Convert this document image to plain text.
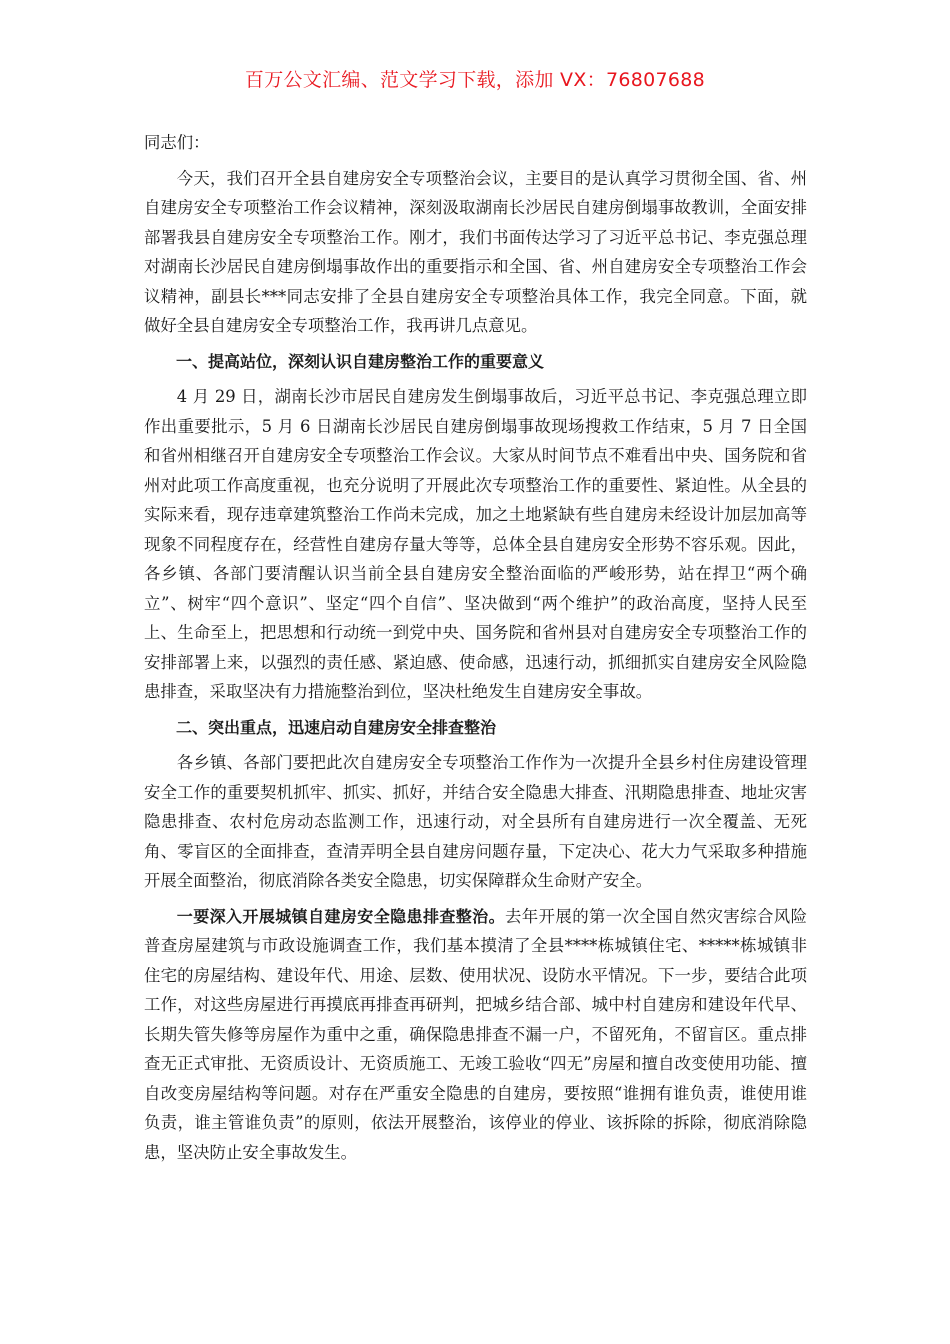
百万公文汇编、范文学习下载，添加 VX：76807688

同志们：

今天，我们召开全县自建房安全专项整治会议，主要目的是认真学习贯彻全国、省、州自建房安全专项整治工作会议精神，深刻汲取湖南长沙居民自建房倒塌事故教训，全面安排部署我县自建房安全专项整治工作。刚才，我们书面传达学习了习近平总书记、李克强总理对湖南长沙居民自建房倒塌事故作出的重要指示和全国、省、州自建房安全专项整治工作会议精神，副县长***同志安排了全县自建房安全专项整治具体工作，我完全同意。下面，就做好全县自建房安全专项整治工作，我再讲几点意见。

一、提高站位，深刻认识自建房整治工作的重要意义

4 月 29 日，湖南长沙市居民自建房发生倒塌事故后，习近平总书记、李克强总理立即作出重要批示，5 月 6 日湖南长沙居民自建房倒塌事故现场搜救工作结束，5 月 7 日全国和省州相继召开自建房安全专项整治工作会议。大家从时间节点不难看出中央、国务院和省州对此项工作高度重视，也充分说明了开展此次专项整治工作的重要性、紧迫性。从全县的实际来看，现存违章建筑整治工作尚未完成，加之土地紧缺有些自建房未经设计加层加高等现象不同程度存在，经营性自建房存量大等等，总体全县自建房安全形势不容乐观。因此，各乡镇、各部门要清醒认识当前全县自建房安全整治面临的严峻形势，站在捍卫“两个确立”、树牢“四个意识”、坚定“四个自信”、坚决做到“两个维护”的政治高度，坚持人民至上、生命至上，把思想和行动统一到党中央、国务院和省州县对自建房安全专项整治工作的安排部署上来，以强烈的责任感、紧迫感、使命感，迅速行动，抓细抓实自建房安全风险隐患排查，采取坚决有力措施整治到位，坚决杜绝发生自建房安全事故。

二、突出重点，迅速启动自建房安全排查整治

各乡镇、各部门要把此次自建房安全专项整治工作作为一次提升全县乡村住房建设管理安全工作的重要契机抓牢、抓实、抓好，并结合安全隐患大排查、汛期隐患排查、地址灾害隐患排查、农村危房动态监测工作，迅速行动，对全县所有自建房进行一次全覆盖、无死角、零盲区的全面排查，查清弄明全县自建房问题存量，下定决心、花大力气采取多种措施开展全面整治，彻底消除各类安全隐患，切实保障群众生命财产安全。

一要深入开展城镇自建房安全隐患排查整治。去年开展的第一次全国自然灾害综合风险普查房屋建筑与市政设施调查工作，我们基本摸清了全县****栋城镇住宅、*****栋城镇非住宅的房屋结构、建设年代、用途、层数、使用状况、设防水平情况。下一步，要结合此项工作，对这些房屋进行再摸底再排查再研判，把城乡结合部、城中村自建房和建设年代早、长期失管失修等房屋作为重中之重，确保隐患排查不漏一户，不留死角，不留盲区。重点排查无正式审批、无资质设计、无资质施工、无竣工验收“四无”房屋和擅自改变使用功能、擅自改变房屋结构等问题。对存在严重安全隐患的自建房，要按照“谁拥有谁负责，谁使用谁负责，谁主管谁负责”的原则，依法开展整治，该停业的停业、该拆除的拆除，彻底消除隐患，坚决防止安全事故发生。
